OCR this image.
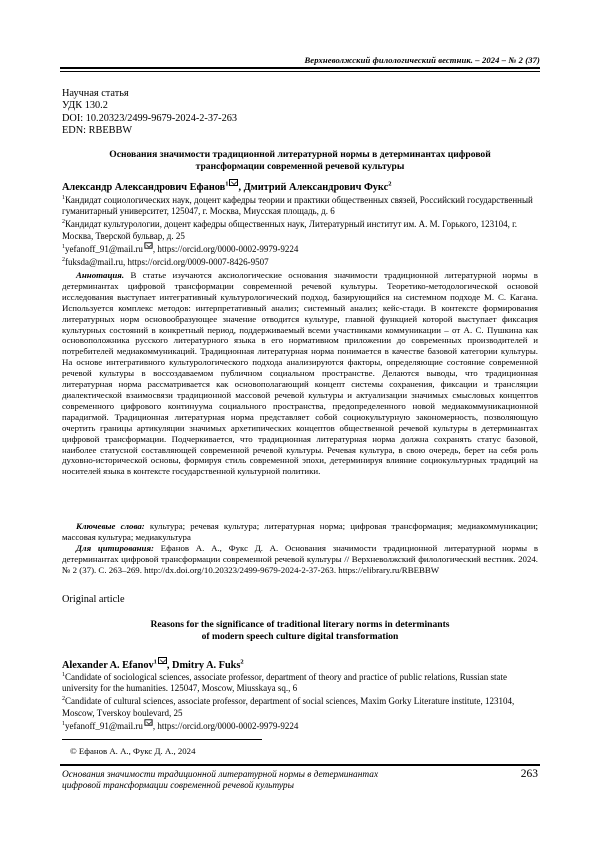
Верхневолжский филологический вестник. – 2024 – № 2 (37)
Научная статья
УДК 130.2
DOI: 10.20323/2499-9679-2024-2-37-263
EDN: RBEBBW
Основания значимости традиционной литературной нормы в детерминантах цифровой
трансформации современной речевой культуры
Александр Александрович Ефанов$^1$ , Дмитрий Александрович Фукс$^2$
$^1$Кандидат социологических наук, доцент кафедры теории и практики общественных связей, Российский государственный гуманитарный университет, 125047, г. Москва, Миусская площадь, д. 6
$^2$Кандидат культурологии, доцент кафедры общественных наук, Литературный институт им. А. М. Горького, 123104, г. Москва, Тверской бульвар, д. 25
$^1$yefanoff_91@mail.ru , https://orcid.org/0000-0002-9979-9224
$^2$fuksda@mail.ru, https://orcid.org/0009-0007-8426-9507
Аннотация. В статье изучаются аксиологические основания значимости традиционной литературной нормы в детерминантах цифровой трансформации современной речевой культуры. Теоретико-методологической основой исследования выступает интегративный культурологический подход, базирующийся на системном подходе М. С. Кагана. Используется комплекс методов: интерпретативный анализ; системный анализ; кейс-стади. В контексте формирования литературных норм основообразующее значение отводится культуре, главной функцией которой выступает фиксация культурных состояний в конкретный период, поддерживаемый всеми участниками коммуникации – от А. С. Пушкина как основоположника русского литературного языка в его нормативном приложении до современных производителей и потребителей медиакоммуникаций. Традиционная литературная норма понимается в качестве базовой категории культуры. На основе интегративного культурологического подхода анализируются факторы, определяющие состояние современной речевой культуры в воссоздаваемом публичном социальном пространстве. Делаются выводы, что традиционная литературная норма рассматривается как основополагающий концепт системы сохранения, фиксации и трансляции диалектической взаимосвязи традиционной массовой речевой культуры и актуализации значимых смысловых концептов современного цифрового континуума социального пространства, предопределенного новой медиакоммуникационной парадигмой. Традиционная литературная норма представляет собой социокультурную закономерность, позволяющую очертить границы артикуляции значимых архетипических концептов общественной речевой культуры в детерминантах цифровой трансформации. Подчеркивается, что традиционная литературная норма должна сохранять статус базовой, наиболее статусной составляющей современной речевой культуры. Речевая культура, в свою очередь, берет на себя роль духовно-исторической основы, формируя стиль современной эпохи, детерминируя влияние социокультурных традиций на носителей языка в контексте государственной культурной политики.
Ключевые слова: культура; речевая культура; литературная норма; цифровая трансформация; медиакоммуникации; массовая культура; медиакультура
Для цитирования: Ефанов А. А., Фукс Д. А. Основания значимости традиционной литературной нормы в детерминантах цифровой трансформации современной речевой культуры // Верхневолжский филологический вестник. 2024. № 2 (37). С. 263–269. http://dx.doi.org/10.20323/2499-9679-2024-2-37-263. https://elibrary.ru/RBEBBW
Original article
Reasons for the significance of traditional literary norms in determinants
of modern speech culture digital transformation
Alexander A. Efanov$^1$ , Dmitry A. Fuks$^2$
$^1$Candidate of sociological sciences, associate professor, department of theory and practice of public relations, Russian state university for the humanities. 125047, Moscow, Miusskaya sq., 6
$^2$Candidate of cultural sciences, associate professor, department of social sciences, Maxim Gorky Literature institute, 123104, Moscow, Tverskoy boulevard, 25
$^1$yefanoff_91@mail.ru , https://orcid.org/0000-0002-9979-9224
© Ефанов А. А., Фукс Д. А., 2024
Основания значимости традиционной литературной нормы в детерминантах
цифровой трансформации современной речевой культуры
263
